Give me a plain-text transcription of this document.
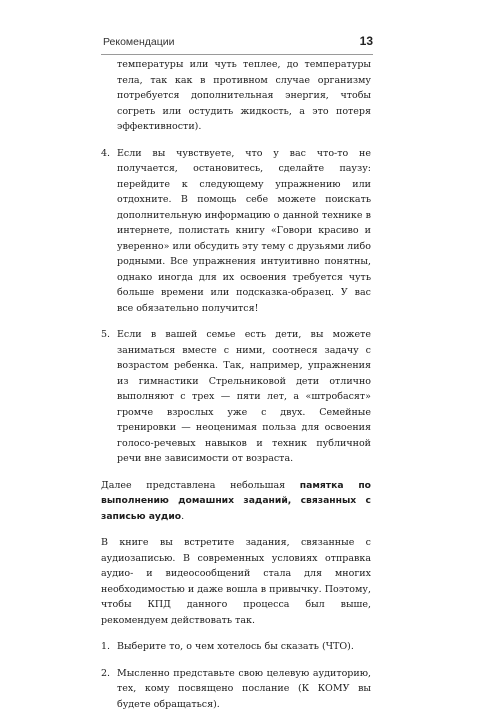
Рекомендации	13

температуры или чуть теплее, до температуры тела, так как в противном случае организму потребуется дополнительная энергия, чтобы согреть или остудить жидкость, а это потеря эффективности).

4. Если вы чувствуете, что у вас что-то не получается, остановитесь, сделайте паузу: перейдите к следующему упражнению или отдохните. В помощь себе можете поискать дополнительную информацию о данной технике в интернете, полистать книгу «Говори красиво и уверенно» или обсудить эту тему с друзьями либо родными. Все упражнения интуитивно понятны, однако иногда для их освоения требуется чуть больше времени или подсказка-образец. У вас все обязательно получится!
5. Если в вашей семье есть дети, вы можете заниматься вместе с ними, соотнеся задачу с возрастом ребенка. Так, например, упражнения из гимнастики Стрельниковой дети отлично выполняют с трех — пяти лет, а «штробасят» громче взрослых уже с двух. Семейные тренировки — неоценимая польза для освоения голосо-речевых навыков и техник публичной речи вне зависимости от возраста.

Далее представлена небольшая памятка по выполнению домашних заданий, связанных с записью аудио.

В книге вы встретите задания, связанные с аудиозаписью. В современных условиях отправка аудио- и видеосообщений стала для многих необходимостью и даже вошла в привычку. Поэтому, чтобы КПД данного процесса был выше, рекомендуем действовать так.

1. Выберите то, о чем хотелось бы сказать (ЧТО).
2. Мысленно представьте свою целевую аудиторию, тех, кому посвящено послание (К КОМУ вы будете обращаться).
